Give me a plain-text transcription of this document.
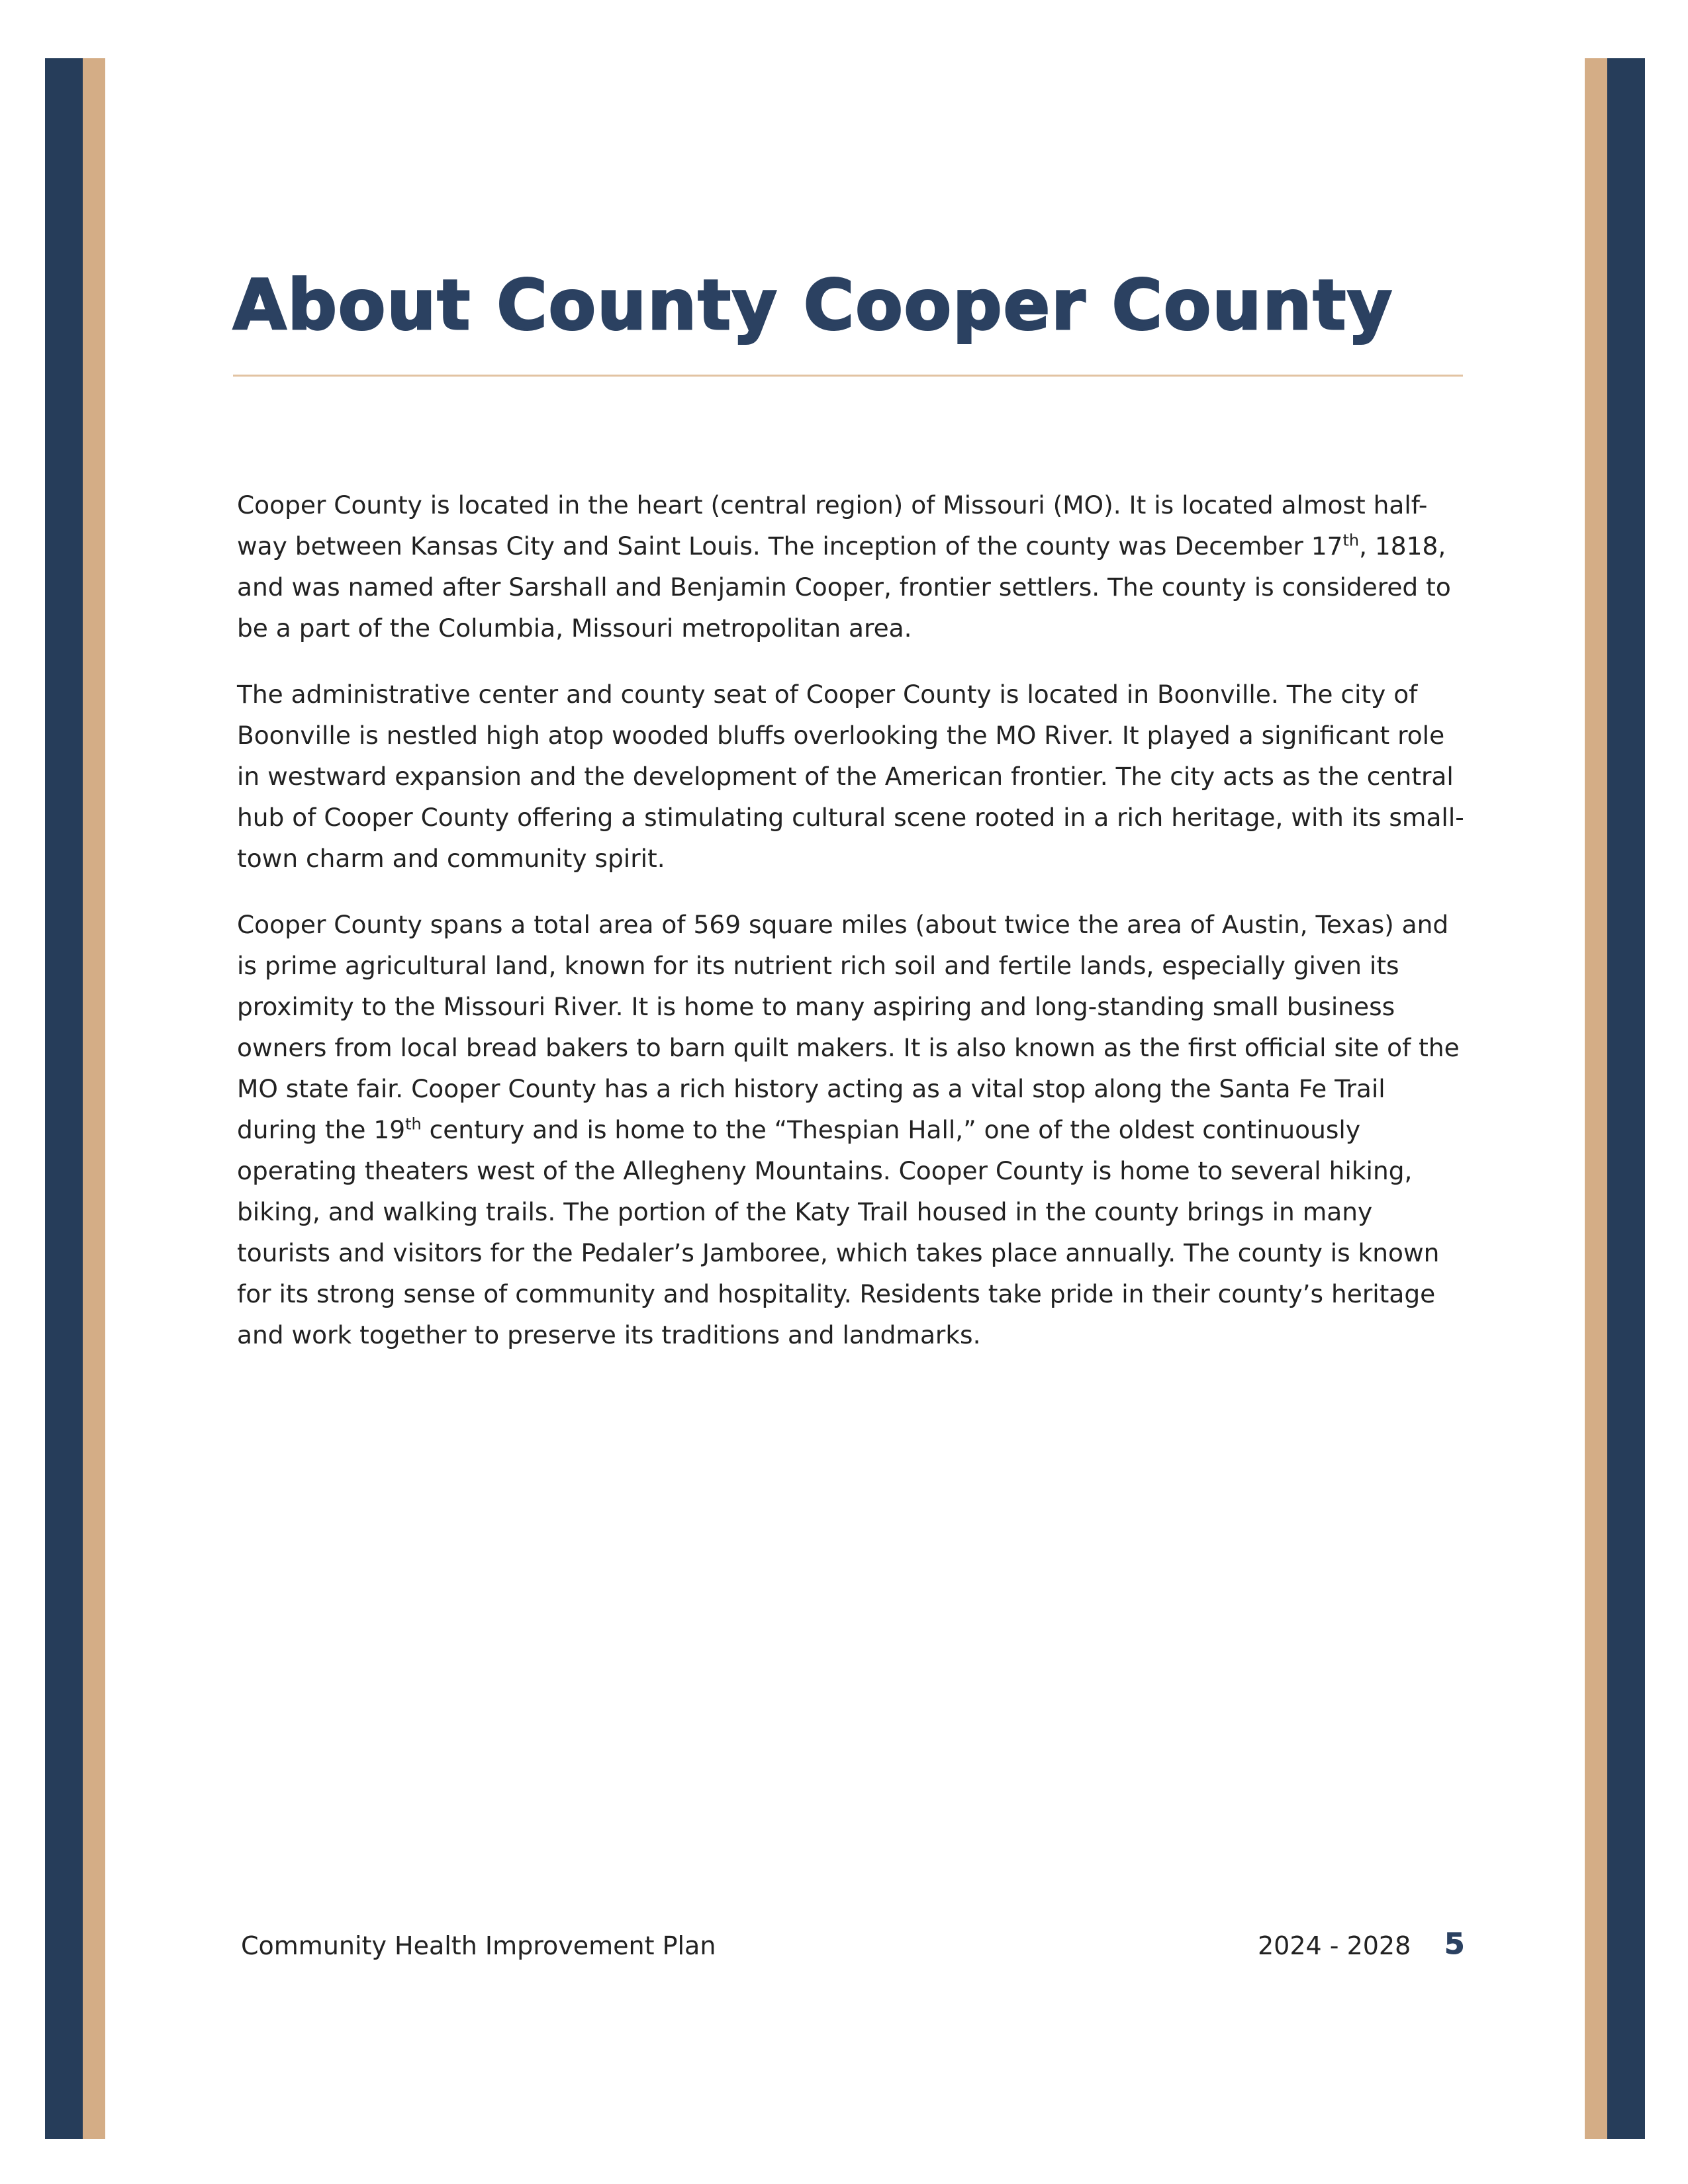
About County Cooper County

Cooper County is located in the heart (central region) of Missouri (MO). It is located almost half-way between Kansas City and Saint Louis. The inception of the county was December 17th, 1818, and was named after Sarshall and Benjamin Cooper, frontier settlers. The county is considered to be a part of the Columbia, Missouri metropolitan area.

The administrative center and county seat of Cooper County is located in Boonville. The city of Boonville is nestled high atop wooded bluffs overlooking the MO River. It played a significant role in westward expansion and the development of the American frontier. The city acts as the central hub of Cooper County offering a stimulating cultural scene rooted in a rich heritage, with its small-town charm and community spirit.

Cooper County spans a total area of 569 square miles (about twice the area of Austin, Texas) and is prime agricultural land, known for its nutrient rich soil and fertile lands, especially given its proximity to the Missouri River. It is home to many aspiring and long-standing small business owners from local bread bakers to barn quilt makers. It is also known as the first official site of the MO state fair. Cooper County has a rich history acting as a vital stop along the Santa Fe Trail during the 19th century and is home to the “Thespian Hall,” one of the oldest continuously operating theaters west of the Allegheny Mountains. Cooper County is home to several hiking, biking, and walking trails. The portion of the Katy Trail housed in the county brings in many tourists and visitors for the Pedaler’s Jamboree, which takes place annually. The county is known for its strong sense of community and hospitality. Residents take pride in their county’s heritage and work together to preserve its traditions and landmarks.

Community Health Improvement Plan	2024 - 2028 5
